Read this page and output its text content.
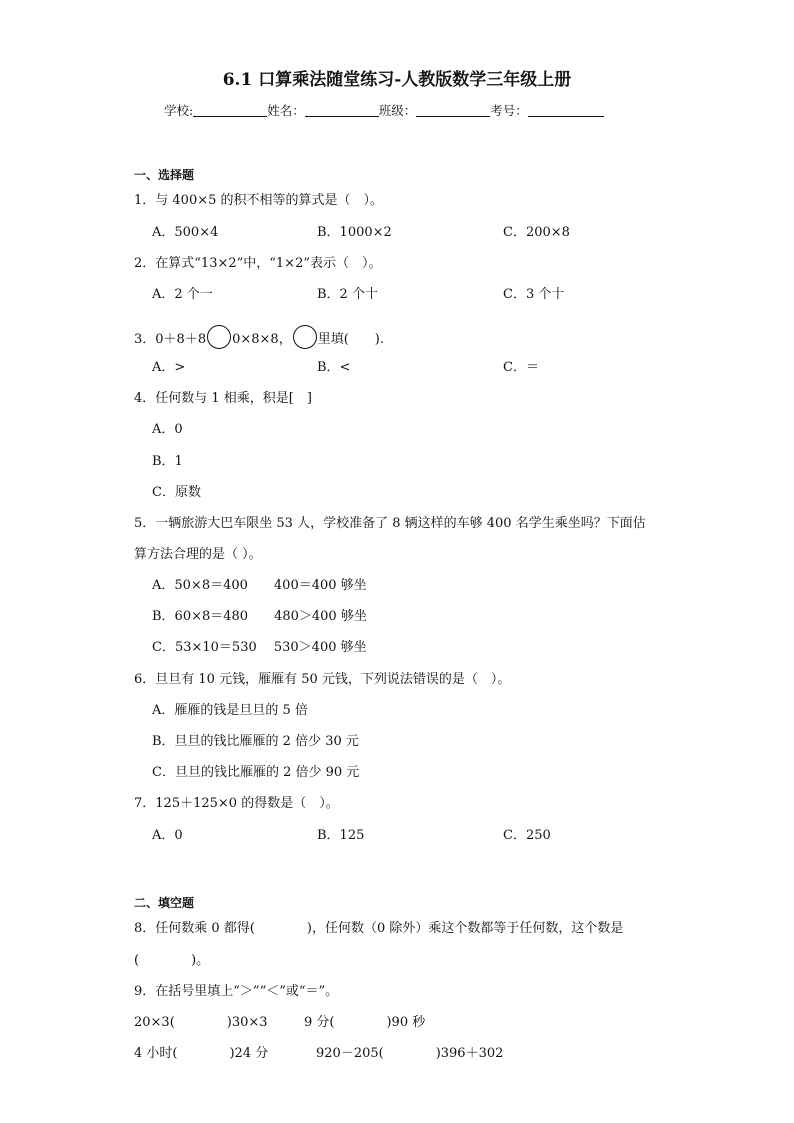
6.1 口算乘法随堂练习-人教版数学三年级上册
学校:	姓名：	班级：	考号：
一、选择题
1．与 400×5 的积不相等的算式是（　）。
A．500×4	B．1000×2	C．200×8
2．在算式“13×2”中，“1×2”表示（　）。
A．2 个一	B．2 个十	C．3 个十
3．0＋8＋8 0×8×8， 里填(　　).
A．>	B．<	C．＝
4．任何数与 1 相乘，积是[　]
A．0
B．1
C．原数
5．一辆旅游大巴车限坐 53 人，学校准备了 8 辆这样的车够 400 名学生乘坐吗？下面估
算方法合理的是（ ）。
A．50×8＝400　　400＝400 够坐
B．60×8＝480　　480＞400 够坐
C．53×10＝530　 530＞400 够坐
6．旦旦有 10 元钱，雁雁有 50 元钱，下列说法错误的是（　）。
A．雁雁的钱是旦旦的 5 倍
B．旦旦的钱比雁雁的 2 倍少 30 元
C．旦旦的钱比雁雁的 2 倍少 90 元
7．125＋125×0 的得数是（　）。
A．0	B．125	C．250
二、填空题
8．任何数乘 0 都得(　　　　)，任何数（0 除外）乘这个数都等于任何数，这个数是
(　　　　)。
9．在括号里填上“＞”“＜”或“＝”。
20×3(　　　　)30×3	9 分(　　　　)90 秒
4 小时(　　　　)24 分	920－205(　　　　)396＋302
